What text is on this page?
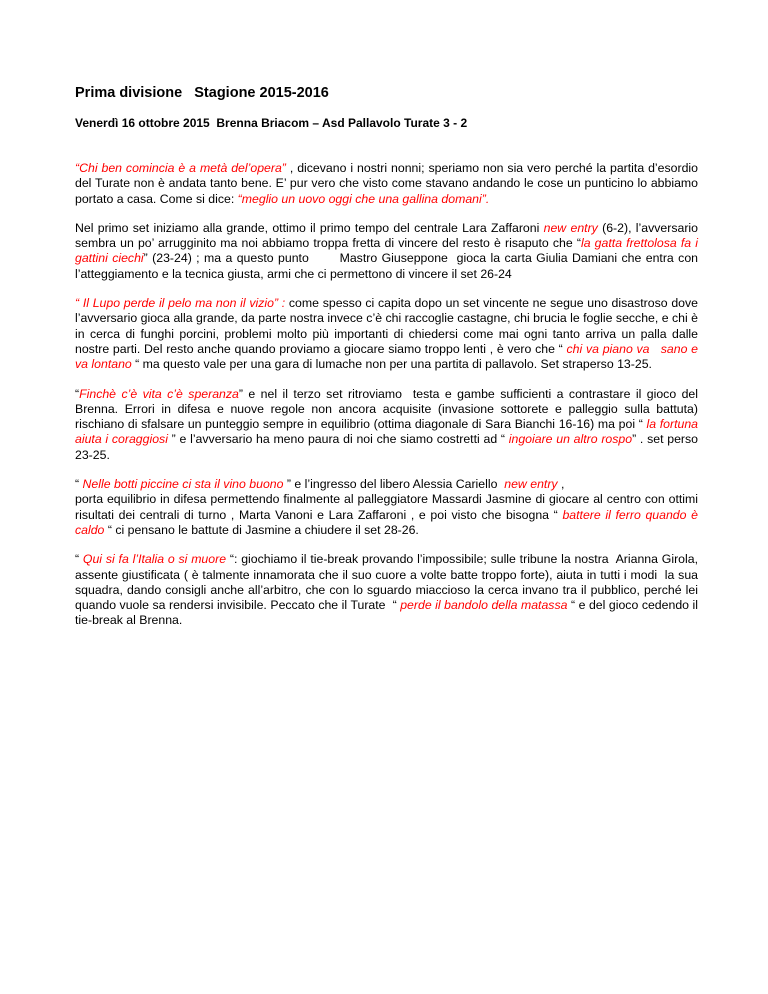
Prima divisione   Stagione 2015-2016
Venerdì 16 ottobre 2015  Brenna Briacom – Asd Pallavolo Turate 3 - 2

“Chi ben comincia è a metà del’opera” , dicevano i nostri nonni; speriamo non sia vero perché la partita d’esordio del Turate non è andata tanto bene. E’ pur vero che visto come stavano andando le cose un punticino lo abbiamo portato a casa. Come si dice: “meglio un uovo oggi che una gallina domani”.

Nel primo set iniziamo alla grande, ottimo il primo tempo del centrale Lara Zaffaroni new entry (6-2), l’avversario sembra un po’ arrugginito ma noi abbiamo troppa fretta di vincere del resto è risaputo che “la gatta frettolosa fa i gattini ciechi” (23-24) ; ma a questo punto       Mastro Giuseppone  gioca la carta Giulia Damiani che entra con l’atteggiamento e la tecnica giusta, armi che ci permettono di vincere il set 26-24

“ Il Lupo perde il pelo ma non il vizio” : come spesso ci capita dopo un set vincente ne segue uno disastroso dove l’avversario gioca alla grande, da parte nostra invece c’è chi raccoglie castagne, chi brucia le foglie secche, e chi è in cerca di funghi porcini, problemi molto più importanti di chiedersi come mai ogni tanto arriva un palla dalle nostre parti. Del resto anche quando proviamo a giocare siamo troppo lenti , è vero che “ chi va piano va   sano e va lontano “ ma questo vale per una gara di lumache non per una partita di pallavolo. Set straperso 13-25.

“Finchè c’è vita c’è speranza” e nel il terzo set ritroviamo  testa e gambe sufficienti a contrastare il gioco del Brenna. Errori in difesa e nuove regole non ancora acquisite (invasione sottorete e palleggio sulla battuta) rischiano di sfalsare un punteggio sempre in equilibrio (ottima diagonale di Sara Bianchi 16-16) ma poi “ la fortuna aiuta i coraggiosi ” e l’avversario ha meno paura di noi che siamo costretti ad “ ingoiare un altro rospo” . set perso 23-25.

“ Nelle botti piccine ci sta il vino buono ” e l’ingresso del libero Alessia Cariello  new entry ,
porta equilibrio in difesa permettendo finalmente al palleggiatore Massardi Jasmine di giocare al centro con ottimi risultati dei centrali di turno , Marta Vanoni e Lara Zaffaroni , e poi visto che bisogna “ battere il ferro quando è caldo “ ci pensano le battute di Jasmine a chiudere il set 28-26.

“ Qui si fa l’Italia o si muore “: giochiamo il tie-break provando l’impossibile; sulle tribune la nostra  Arianna Girola, assente giustificata ( è talmente innamorata che il suo cuore a volte batte troppo forte), aiuta in tutti i modi  la sua squadra, dando consigli anche all’arbitro, che con lo sguardo miaccioso la cerca invano tra il pubblico, perché lei quando vuole sa rendersi invisibile. Peccato che il Turate  “ perde il bandolo della matassa “ e del gioco cedendo il tie-break al Brenna.
